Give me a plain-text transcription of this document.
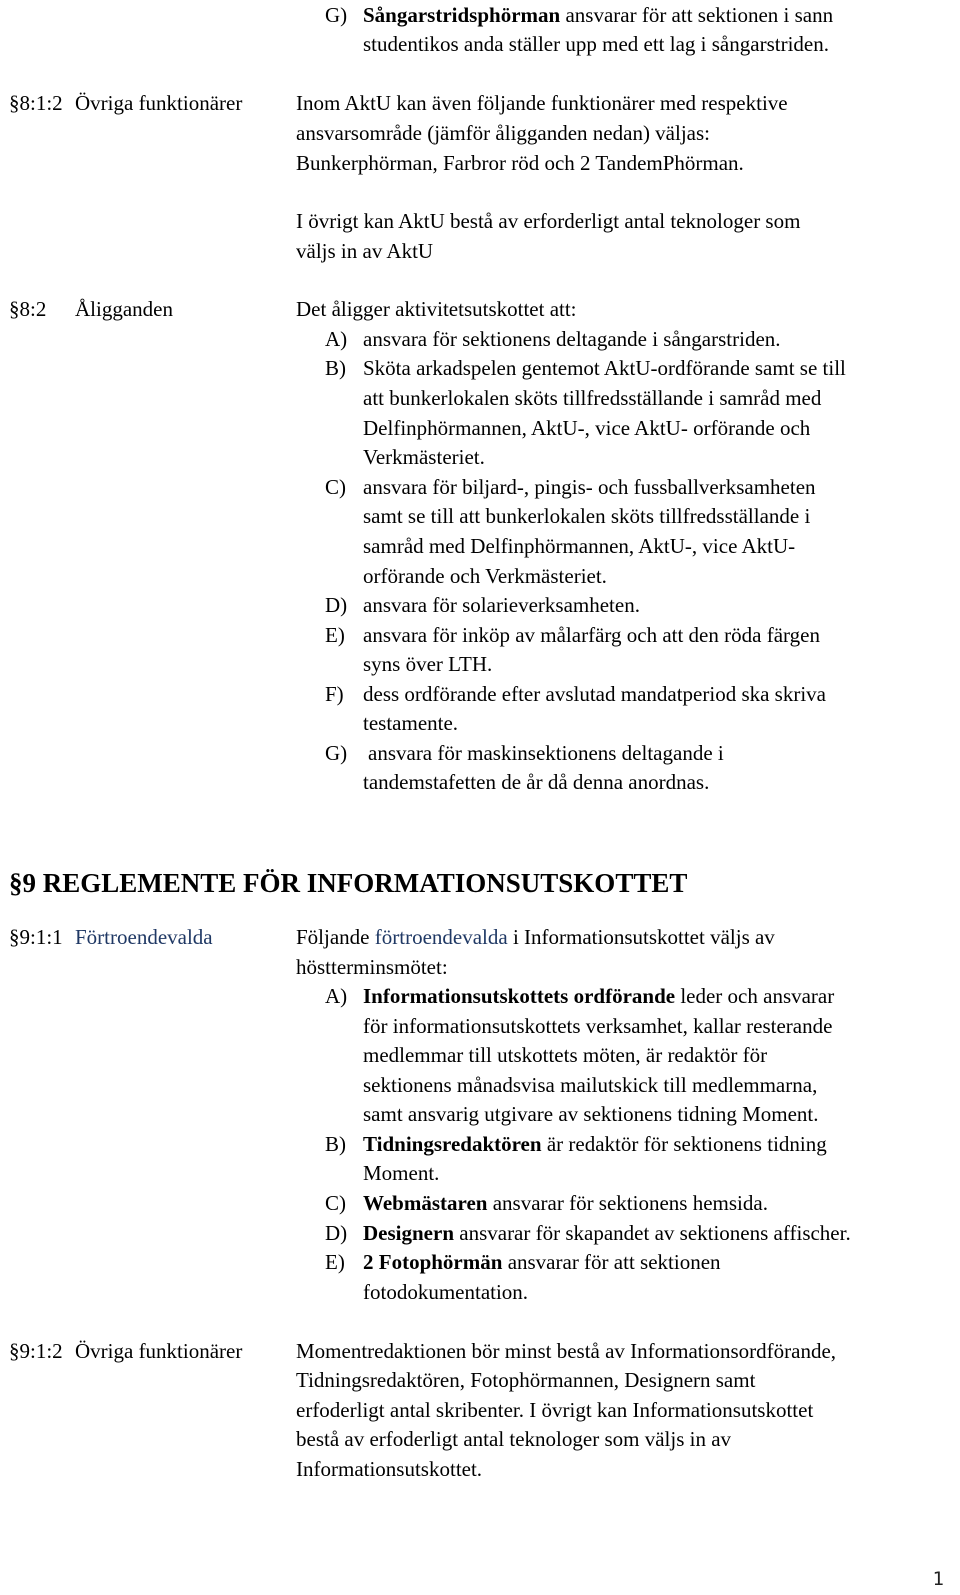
G) Sångarstridsphörman ansvarar för att sektionen i sann
studentikos anda ställer upp med ett lag i sångarstriden.
§8:1:2 Övriga funktionärer	Inom AktU kan även följande funktionärer med respektive
ansvarsområde (jämför åligganden nedan) väljas:
Bunkerphörman, Farbror röd och 2 TandemPhörman.
I övrigt kan AktU bestå av erforderligt antal teknologer som
väljs in av AktU
§8:2 Åligganden	Det åligger aktivitetsutskottet att:
A) ansvara för sektionens deltagande i sångarstriden.
B) Sköta arkadspelen gentemot AktU-ordförande samt se till
att bunkerlokalen sköts tillfredsställande i samråd med
Delfinphörmannen, AktU-, vice AktU- orförande och
Verkmästeriet.
C) ansvara för biljard-, pingis- och fussballverksamheten
samt se till att bunkerlokalen sköts tillfredsställande i
samråd med Delfinphörmannen, AktU-, vice AktU-
orförande och Verkmästeriet.
D) ansvara för solarieverksamheten.
E) ansvara för inköp av målarfärg och att den röda färgen
syns över LTH.
F) dess ordförande efter avslutad mandatperiod ska skriva
testamente.
G) ansvara för maskinsektionens deltagande i
tandemstafetten de år då denna anordnas.
§9 REGLEMENTE FÖR INFORMATIONSUTSKOTTET
§9:1:1 Förtroendevalda	Följande förtroendevalda i Informationsutskottet väljs av
höstterminsmötet:
A) Informationsutskottets ordförande leder och ansvarar
för informationsutskottets verksamhet, kallar resterande
medlemmar till utskottets möten, är redaktör för
sektionens månadsvisa mailutskick till medlemmarna,
samt ansvarig utgivare av sektionens tidning Moment.
B) Tidningsredaktören är redaktör för sektionens tidning
Moment.
C) Webmästaren ansvarar för sektionens hemsida.
D) Designern ansvarar för skapandet av sektionens affischer.
E) 2 Fotophörmän ansvarar för att sektionen
fotodokumentation.
§9:1:2 Övriga funktionärer	Momentredaktionen bör minst bestå av Informationsordförande,
Tidningsredaktören, Fotophörmannen, Designern samt
erfoderligt antal skribenter. I övrigt kan Informationsutskottet
bestå av erfoderligt antal teknologer som väljs in av
Informationsutskottet.
1
